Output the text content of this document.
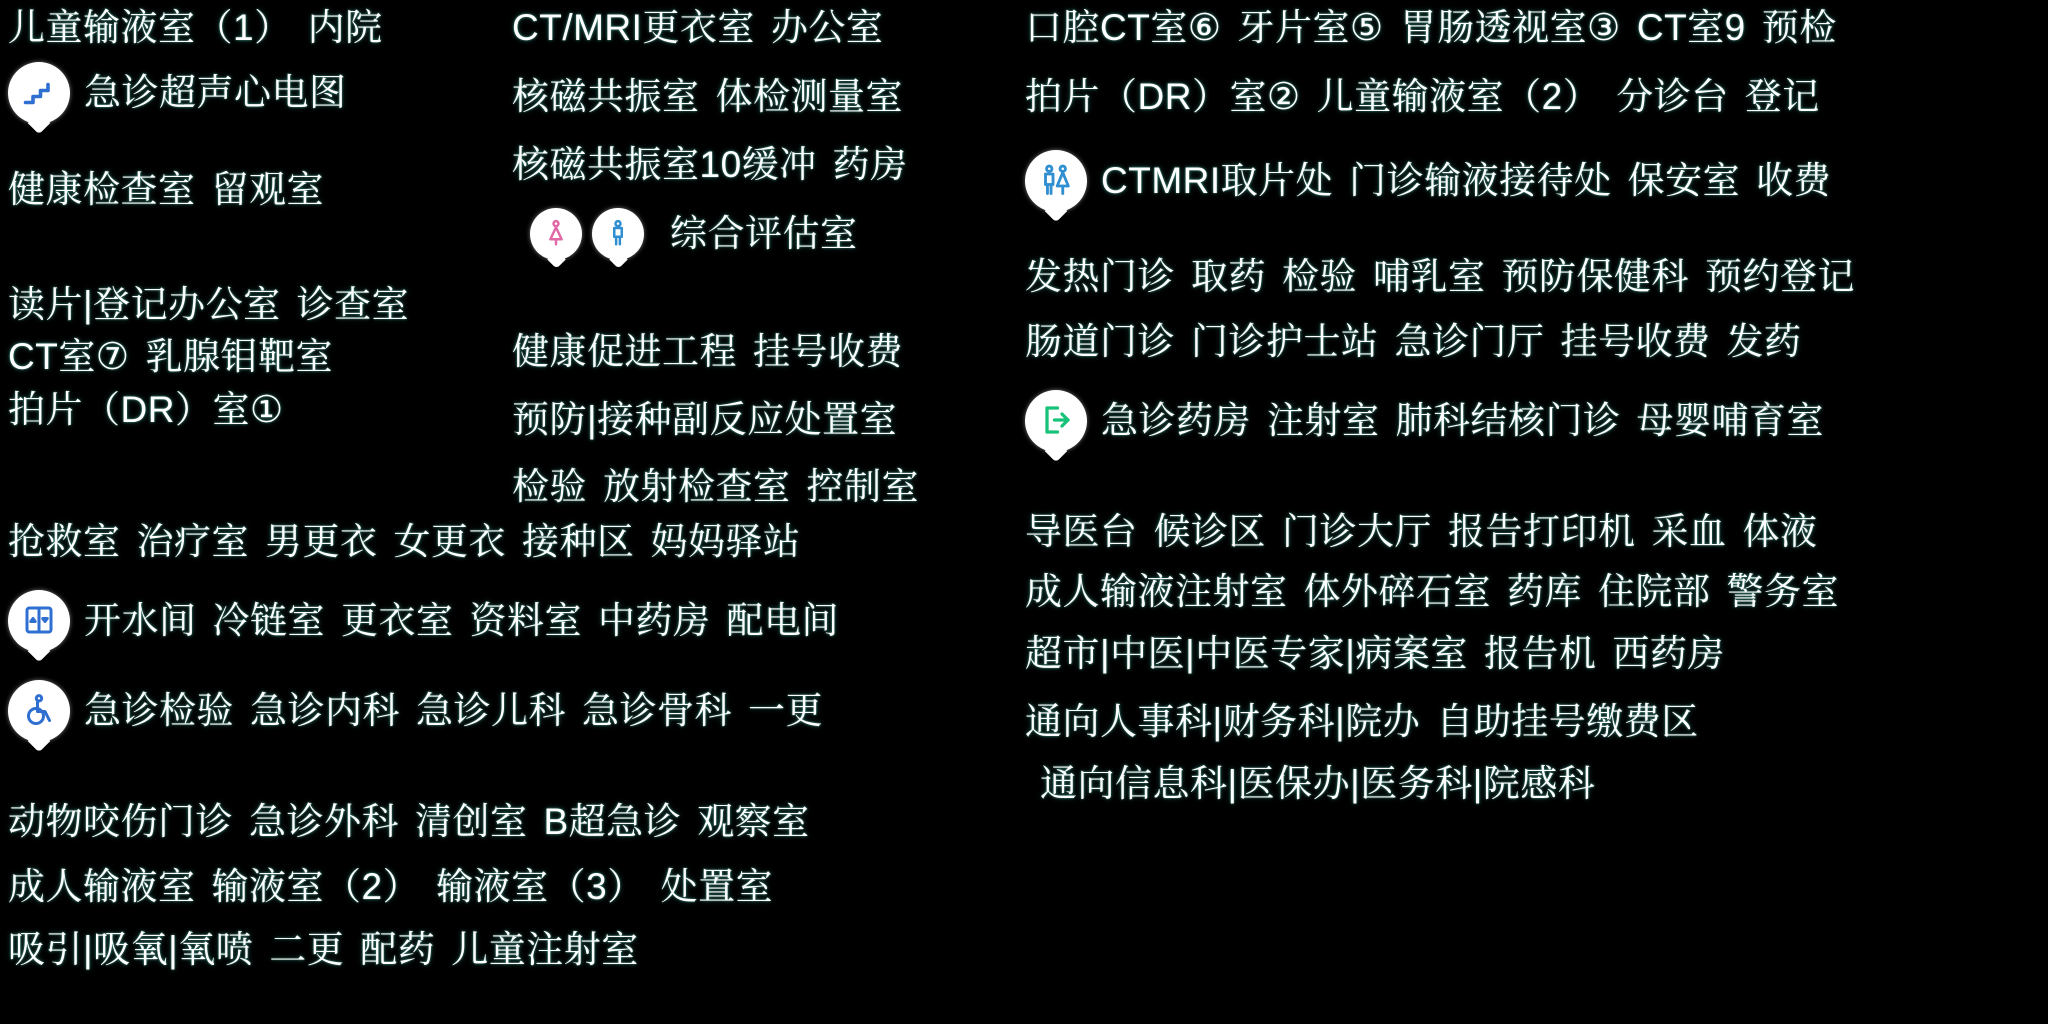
儿童输液室（1） 内院
急诊超声心电图
健康检查室 留观室
读片|登记办公室 诊查室
CT室⑦ 乳腺钼靶室
拍片（DR）室①
抢救室 治疗室 男更衣 女更衣 接种区 妈妈驿站
开水间 冷链室 更衣室 资料室 中药房 配电间
急诊检验 急诊内科 急诊儿科 急诊骨科 一更
动物咬伤门诊 急诊外科 清创室 B超急诊 观察室
成人输液室 输液室（2） 输液室（3） 处置室
吸引|吸氧|氧喷 二更 配药 儿童注射室
CT/MRI更衣室 办公室
核磁共振室 体检测量室
核磁共振室10缓冲 药房
综合评估室
健康促进工程 挂号收费
预防|接种副反应处置室
检验 放射检查室 控制室
口腔CT室⑥ 牙片室⑤ 胃肠透视室③ CT室9 预检
拍片（DR）室② 儿童输液室（2） 分诊台 登记
CTMRI取片处 门诊输液接待处 保安室 收费
发热门诊 取药 检验 哺乳室 预防保健科 预约登记
肠道门诊 门诊护士站 急诊门厅 挂号收费 发药
急诊药房 注射室 肺科结核门诊 母婴哺育室
导医台 候诊区 门诊大厅 报告打印机 采血 体液
成人输液注射室 体外碎石室 药库 住院部 警务室
超市|中医|中医专家|病案室 报告机 西药房
通向人事科|财务科|院办 自助挂号缴费区
通向信息科|医保办|医务科|院感科
